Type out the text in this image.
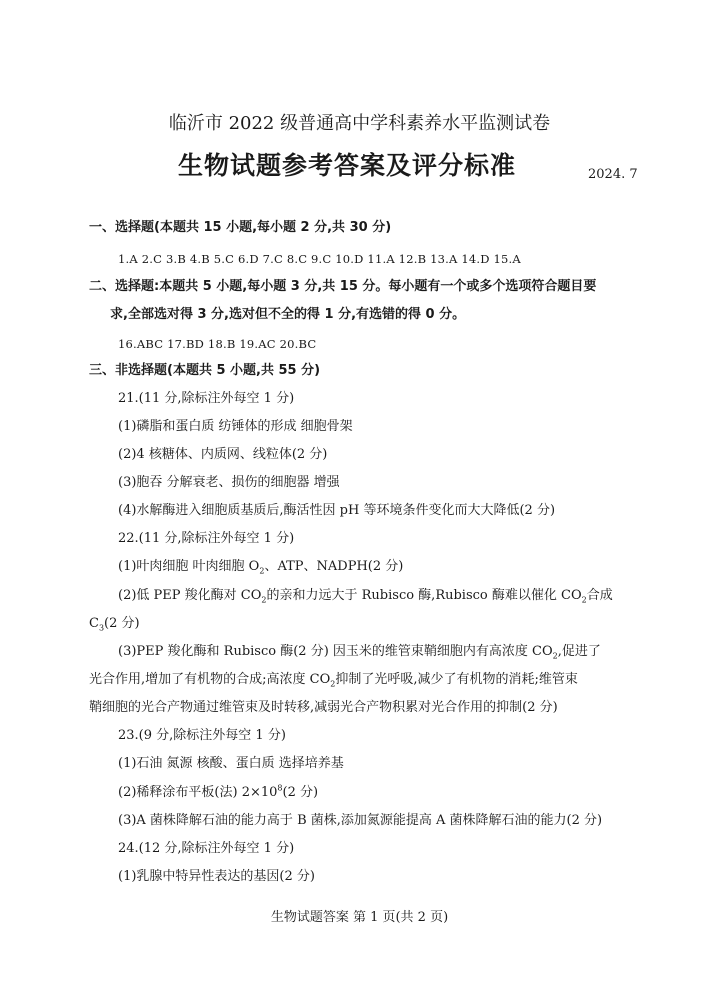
临沂市 2022 级普通高中学科素养水平监测试卷
生物试题参考答案及评分标准	2024. 7
一、选择题(本题共 15 小题,每小题 2 分,共 30 分)
1.A 2.C 3.B 4.B 5.C 6.D 7.C 8.C 9.C 10.D 11.A 12.B 13.A 14.D 15.A
二、选择题:本题共 5 小题,每小题 3 分,共 15 分。每小题有一个或多个选项符合题目要
求,全部选对得 3 分,选对但不全的得 1 分,有选错的得 0 分。
16.ABC 17.BD 18.B 19.AC 20.BC
三、非选择题(本题共 5 小题,共 55 分)
21.(11 分,除标注外每空 1 分)
(1)磷脂和蛋白质 纺锤体的形成 细胞骨架
(2)4 核糖体、内质网、线粒体(2 分)
(3)胞吞 分解衰老、损伤的细胞器 增强
(4)水解酶进入细胞质基质后,酶活性因 pH 等环境条件变化而大大降低(2 分)
22.(11 分,除标注外每空 1 分)
(1)叶肉细胞 叶肉细胞 $O_2$、ATP、NADPH(2 分)
(2)低 PEP 羧化酶对 $CO_2$的亲和力远大于 Rubisco 酶,Rubisco 酶难以催化 $CO_2$合成
$C_3(2$ 分)
(3)PEP 羧化酶和 Rubisco 酶(2 分) 因玉米的维管束鞘细胞内有高浓度 $CO_2$,促进了
光合作用,增加了有机物的合成;高浓度 $CO_2$抑制了光呼吸,减少了有机物的消耗;维管束
鞘细胞的光合产物通过维管束及时转移,减弱光合产物积累对光合作用的抑制(2 分)
23.(9 分,除标注外每空 1 分)
(1)石油 氮源 核酸、蛋白质 选择培养基
(2)稀释涂布平板(法) $2\times 10^8(2$ 分)
(3)A 菌株降解石油的能力高于 B 菌株,添加氮源能提高 A 菌株降解石油的能力(2 分)
24.(12 分,除标注外每空 1 分)
(1)乳腺中特异性表达的基因(2 分)
生物试题答案 第 1 页(共 2 页)
